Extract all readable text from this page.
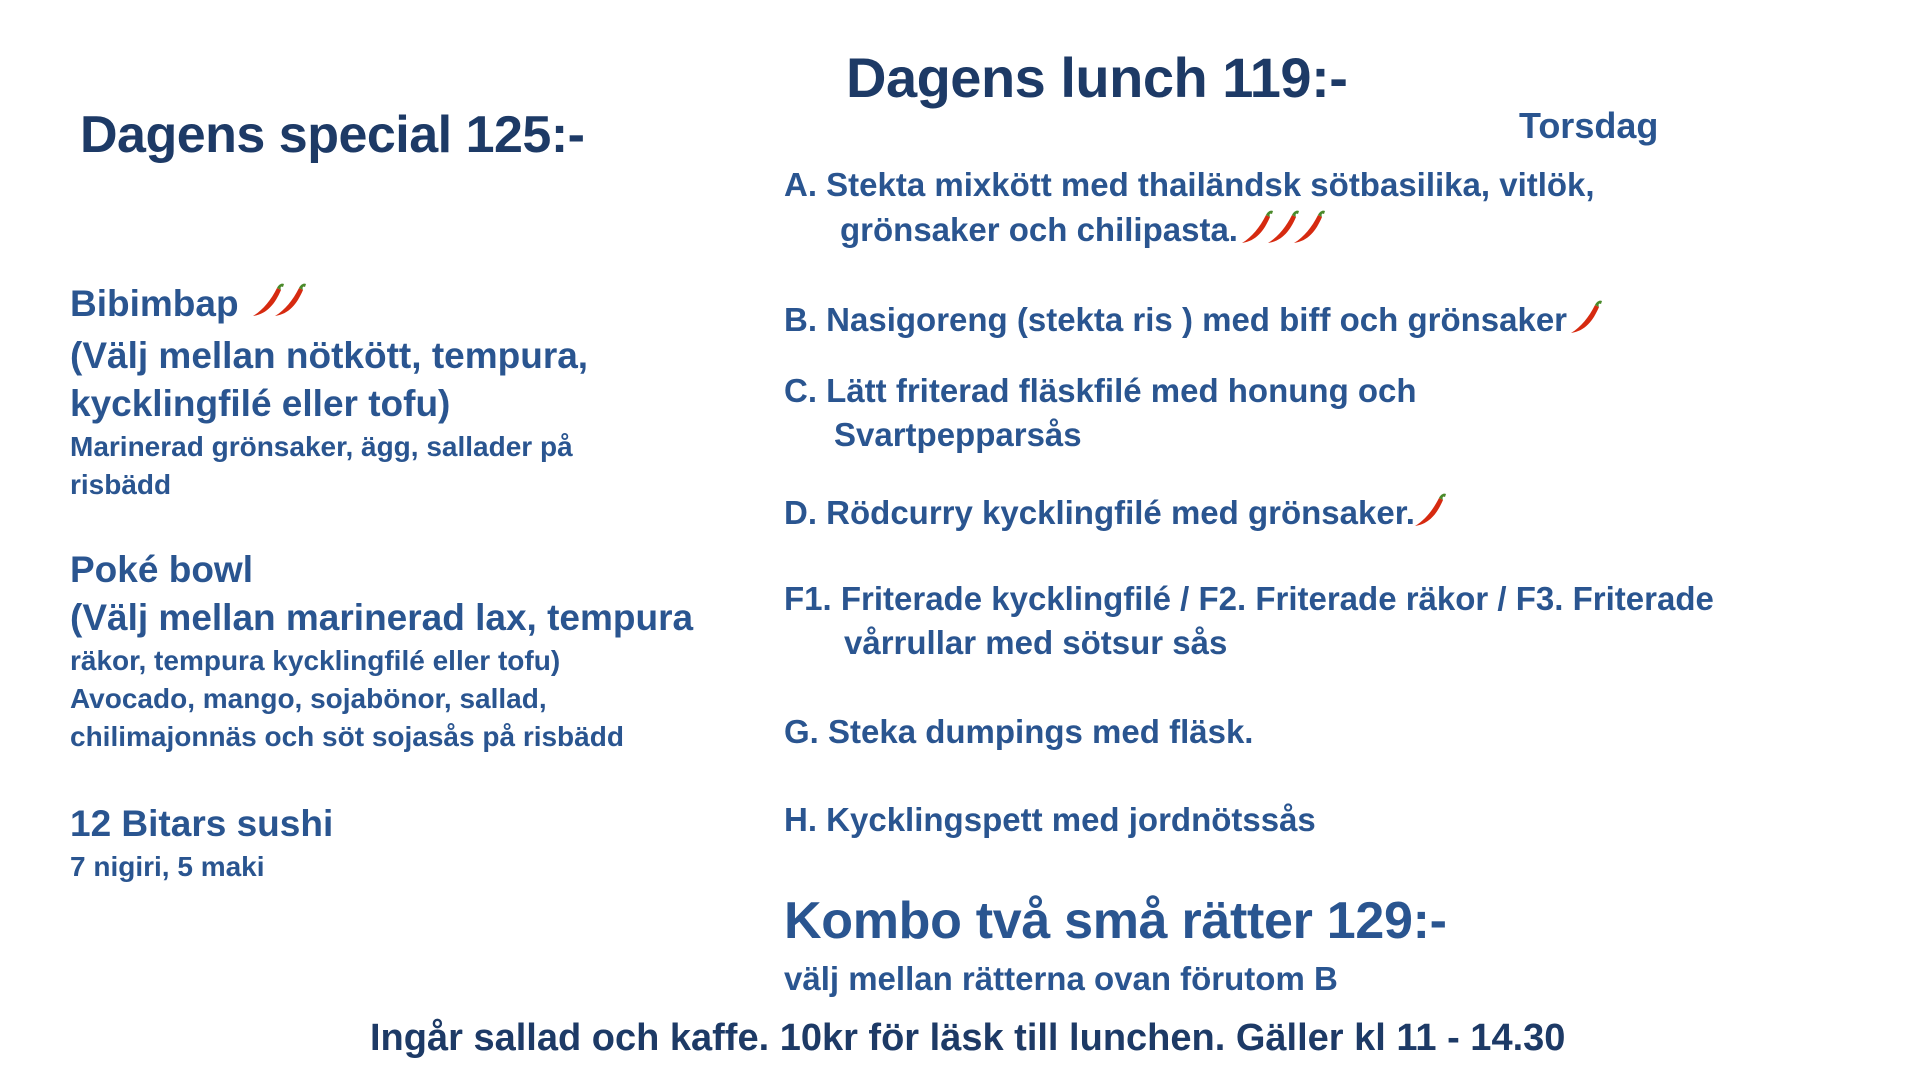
Dagens special 125:-
Bibimbap
(Välj mellan nötkött, tempura,
kycklingfilé eller tofu)
Marinerad grönsaker, ägg, sallader på
risbädd
Poké bowl
(Välj mellan marinerad lax, tempura
räkor, tempura kycklingfilé eller tofu)
Avocado, mango, sojabönor, sallad,
chilimajonnäs och söt sojasås på risbädd
12 Bitars sushi
7 nigiri, 5 maki
Dagens lunch 119:-
Torsdag
A. Stekta mixkött med thailändsk sötbasilika, vitlök,
grönsaker och chilipasta.
B. Nasigoreng (stekta ris ) med biff och grönsaker
C. Lätt friterad fläskfilé med honung och
Svartpepparsås
D. Rödcurry kycklingfilé med grönsaker.
F1. Friterade kycklingfilé / F2. Friterade räkor / F3. Friterade
vårrullar med sötsur sås
G. Steka dumpings med fläsk.
H. Kycklingspett med jordnötssås
Kombo två små rätter 129:-
välj mellan rätterna ovan förutom B
Ingår sallad och kaffe. 10kr för läsk till lunchen. Gäller kl 11 - 14.30
